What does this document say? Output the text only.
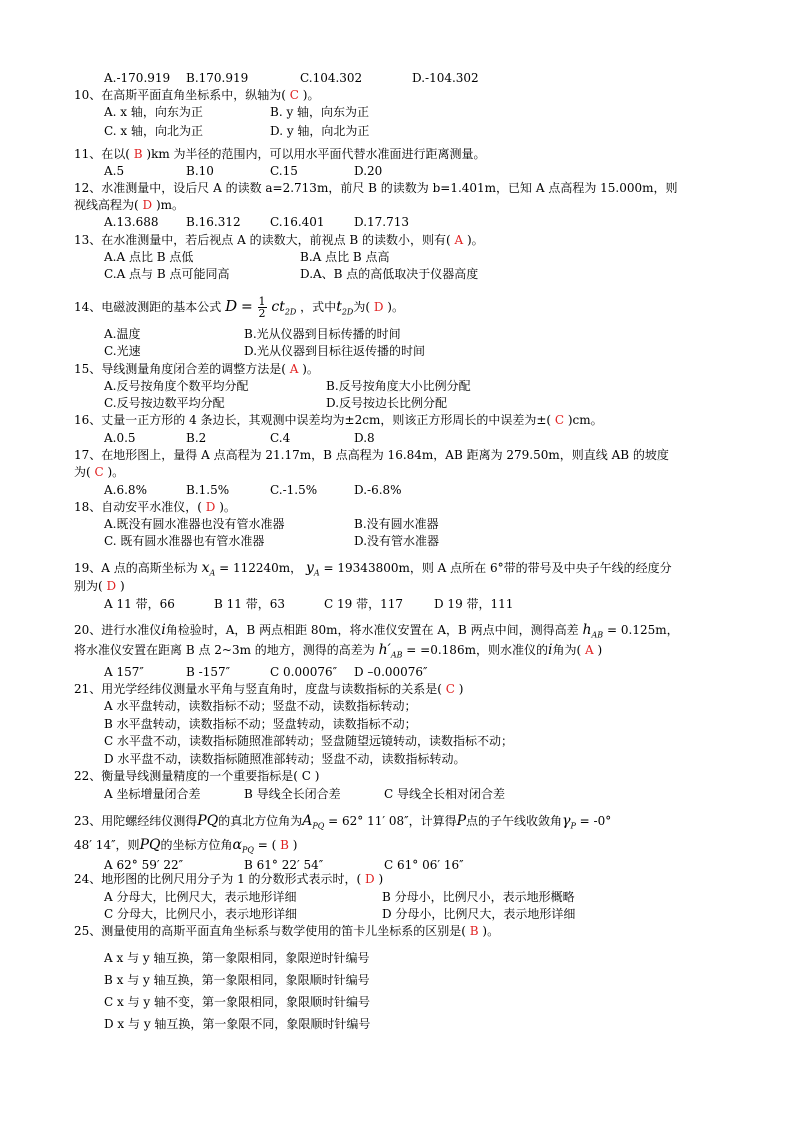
14、电磁波测距的基本公式 $D = \frac{1}{2} ct_{2D}$ ，式中$t_{2D}$为( D )。
19、A 点的高斯坐标为 $x_A = 112240m$， $y_A = 19343800m$，则 A 点所在 6°带的带号及中央子午线的经度分
20、进行水准仪i角检验时，A，B 两点相距 80m，将水准仪安置在 A，B 两点中间，测得高差 $h_{AB} = 0.125m$，
将水准仪安置在距离 B 点 2~3m 的地方，测得的高差为 $h'_{AB} = =0.186m$，则水准仪的i角为( A )
A 157″	B -157″	C 0.00076″ D –0.00076″
23、用陀螺经纬仪测得PQ的真北方位角为$A_{PQ} = 62^\circ$ 11′ 08″，计算得P点的子午线收敛角$\gamma_P = -0^\circ$
48′ 14″，则PQ的坐标方位角$\alpha_{PQ}$ = ( B )
A 62° 59′ 22″	B 61° 22′ 54″	C 61° 06′ 16″
A.-170.919 B.170.919	C.104.302	D.-104.302
10、在高斯平面直角坐标系中，纵轴为( C )。
A. x 轴，向东为正	B. y 轴，向东为正
C. x 轴，向北为正	D. y 轴，向北为正
11、在以( B )km 为半径的范围内，可以用水平面代替水准面进行距离测量。
A.5	B.10	C.15	D.20
12、水准测量中，设后尺 A 的读数 a=2.713m，前尺 B 的读数为 b=1.401m，已知 A 点高程为 15.000m，则
视线高程为( D )m。
A.13.688 B.16.312 C.16.401 D.17.713
13、在水准测量中，若后视点 A 的读数大，前视点 B 的读数小，则有( A )。
A.A 点比 B 点低	B.A 点比 B 点高
C.A 点与 B 点可能同高	D.A、B 点的高低取决于仪器高度
A.温度	B.光从仪器到目标传播的时间
C.光速	D.光从仪器到目标往返传播的时间
15、导线测量角度闭合差的调整方法是( A )。
A.反号按角度个数平均分配	B.反号按角度大小比例分配
C.反号按边数平均分配	D.反号按边长比例分配
16、丈量一正方形的 4 条边长，其观测中误差均为±2cm，则该正方形周长的中误差为±( C )cm。
A.0.5	B.2	C.4	D.8
17、在地形图上，量得 A 点高程为 21.17m，B 点高程为 16.84m，AB 距离为 279.50m，则直线 AB 的坡度
为( C )。
A.6.8%	B.1.5%	C.-1.5%	D.-6.8%
18、自动安平水准仪，( D )。
A.既没有圆水准器也没有管水准器	B.没有圆水准器
C. 既有圆水准器也有管水准器	D.没有管水准器
别为( D )
A 11 带，66	B 11 带，63	C 19 带，117	D 19 带，111
21、用光学经纬仪测量水平角与竖直角时，度盘与读数指标的关系是( C )
A 水平盘转动，读数指标不动；竖盘不动，读数指标转动；
B 水平盘转动，读数指标不动；竖盘转动，读数指标不动；
C 水平盘不动，读数指标随照准部转动；竖盘随望远镜转动，读数指标不动；
D 水平盘不动，读数指标随照准部转动；竖盘不动，读数指标转动。
22、衡量导线测量精度的一个重要指标是( C )
A 坐标增量闭合差	B 导线全长闭合差	C 导线全长相对闭合差
24、地形图的比例尺用分子为 1 的分数形式表示时，( D )
A 分母大，比例尺大，表示地形详细	B 分母小，比例尺小，表示地形概略
C 分母大，比例尺小，表示地形详细	D 分母小，比例尺大，表示地形详细
25、测量使用的高斯平面直角坐标系与数学使用的笛卡儿坐标系的区别是( B )。
A x 与 y 轴互换，第一象限相同，象限逆时针编号
B x 与 y 轴互换，第一象限相同，象限顺时针编号
C x 与 y 轴不变，第一象限相同，象限顺时针编号
D x 与 y 轴互换，第一象限不同，象限顺时针编号
